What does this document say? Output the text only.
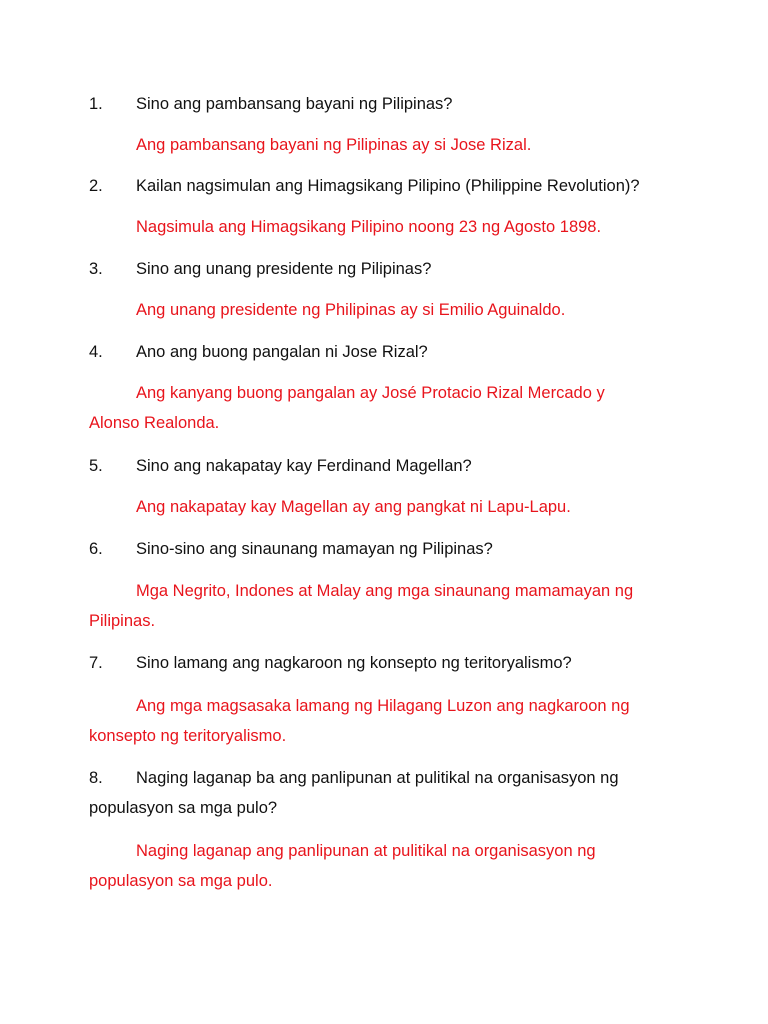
1.	Sino ang pambansang bayani ng Pilipinas?
Ang pambansang bayani ng Pilipinas ay si Jose Rizal.
2.	Kailan nagsimulan ang Himagsikang Pilipino (Philippine Revolution)?
Nagsimula ang Himagsikang Pilipino noong 23 ng Agosto 1898.
3.	Sino ang unang presidente ng Pilipinas?
Ang unang presidente ng Philipinas ay si Emilio Aguinaldo.
4.	Ano ang buong pangalan ni Jose Rizal?
Ang kanyang buong pangalan ay José Protacio Rizal Mercado y Alonso Realonda.
5.	Sino ang nakapatay kay Ferdinand Magellan?
Ang nakapatay kay Magellan ay ang pangkat ni Lapu-Lapu.
6.	Sino-sino ang sinaunang mamayan ng Pilipinas?
Mga Negrito, Indones at Malay ang mga sinaunang mamamayan ng Pilipinas.
7.	Sino lamang ang nagkaroon ng konsepto ng teritoryalismo?
Ang mga magsasaka lamang ng Hilagang Luzon ang nagkaroon ng konsepto ng teritoryalismo.
8.	Naging laganap ba ang panlipunan at pulitikal na organisasyon ng populasyon sa mga pulo?
Naging laganap ang panlipunan at pulitikal na organisasyon ng populasyon sa mga pulo.
